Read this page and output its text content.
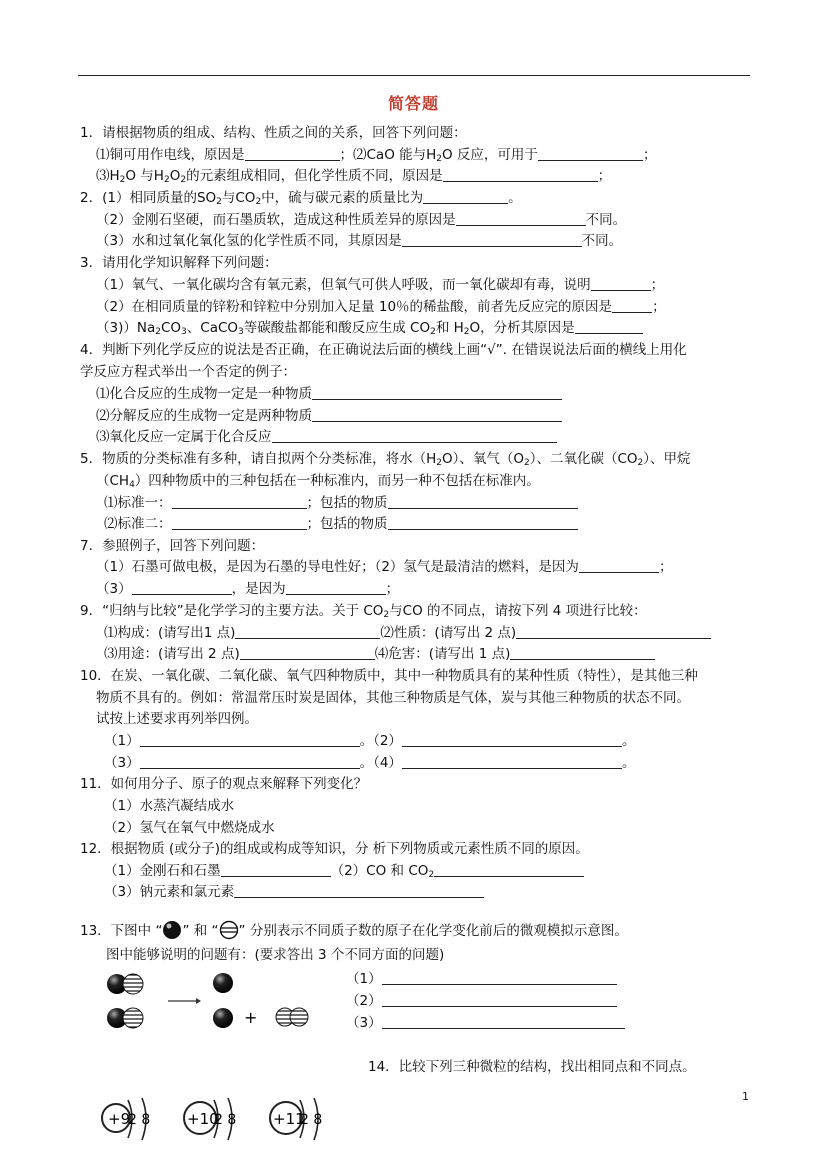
简答题
1．请根据物质的组成、结构、性质之间的关系，回答下列问题：
⑴铜可用作电线，原因是	；⑵CaO 能与$H_2O$ 反应，可用于	；
$⑶H_2O$ 与$H_2O_2$的元素组成相同，但化学性质不同，原因是	；
2．(1）相同质量的$SO_2$与$CO_2$中，硫与碳元素的质量比为	。
（2）金刚石坚硬，而石墨质软，造成这种性质差异的原因是	不同。
（3）水和过氧化氧化氢的化学性质不同，其原因是	不同。
3．请用化学知识解释下列问题：
（1）氧气、一氧化碳均含有氧元素，但氧气可供人呼吸，而一氧化碳却有毒，说明	；
（2）在相同质量的锌粉和锌粒中分别加入足量 10％的稀盐酸，前者先反应完的原因是	；
$(3))Na_2CO_3$、CaCO$_3$等碳酸盐都能和酸反应生成 $CO_2$和 $H_2O$，分析其原因是
4．判断下列化学反应的说法是否正确，在正确说法后面的横线上画“√”. 在错误说法后面的横线上用化
学反应方程式举出一个否定的例子：
⑴化合反应的生成物一定是一种物质
⑵分解反应的生成物一定是两种物质
⑶氧化反应一定属于化合反应
5．物质的分类标准有多种，请自拟两个分类标准，将水$(H_2O)$、氧气$(O_2)$、二氧化碳$(CO_2)$、甲烷
$(CH_4)$四种物质中的三种包括在一种标准内，而另一种不包括在标准内。
⑴标准一：	；包括的物质
⑵标准二：	；包括的物质
7．参照例子，回答下列问题：
（1）石墨可做电极，是因为石墨的导电性好；（2）氢气是最清洁的燃料，是因为	；
（3）	，是因为	；
9．“归纳与比较”是化学学习的主要方法。关于 $CO_2$与CO 的不同点，请按下列 4 项进行比较：
⑴构成：(请写出1 点)	⑵性质：(请写出 2 点)
⑶用途：(请写出 2 点)	⑷危害：(请写出 1 点)
10．在炭、一氧化碳、二氧化碳、氧气四种物质中，其中一种物质具有的某种性质（特性），是其他三种
物质不具有的。例如：常温常压时炭是固体，其他三种物质是气体，炭与其他三种物质的状态不同。
试按上述要求再列举四例。
（1）	。（2）	。
（3）	。（4）	。
11．如何用分子、原子的观点来解释下列变化？
（1）水蒸汽凝结成水
（2）氢气在氧气中燃烧成水
12．根据物质 (或分子)的组成或构成等知识，分 析下列物质或元素性质不同的原因。
（1）金刚石和石墨	（2）CO 和 $CO_2$
（3）钠元素和氯元素
13．下图中 “ ” 和 “ ” 分别表示不同质子数的原子在化学变化前后的微观模拟示意图。
图中能够说明的问题有：(要求答出 3 个不同方面的问题)
+
（1）
（2）
（3）
14．比较下列三种微粒的结构，找出相同点和不同点。
+9
2 8 +10
2 8 +11
2 8
1
